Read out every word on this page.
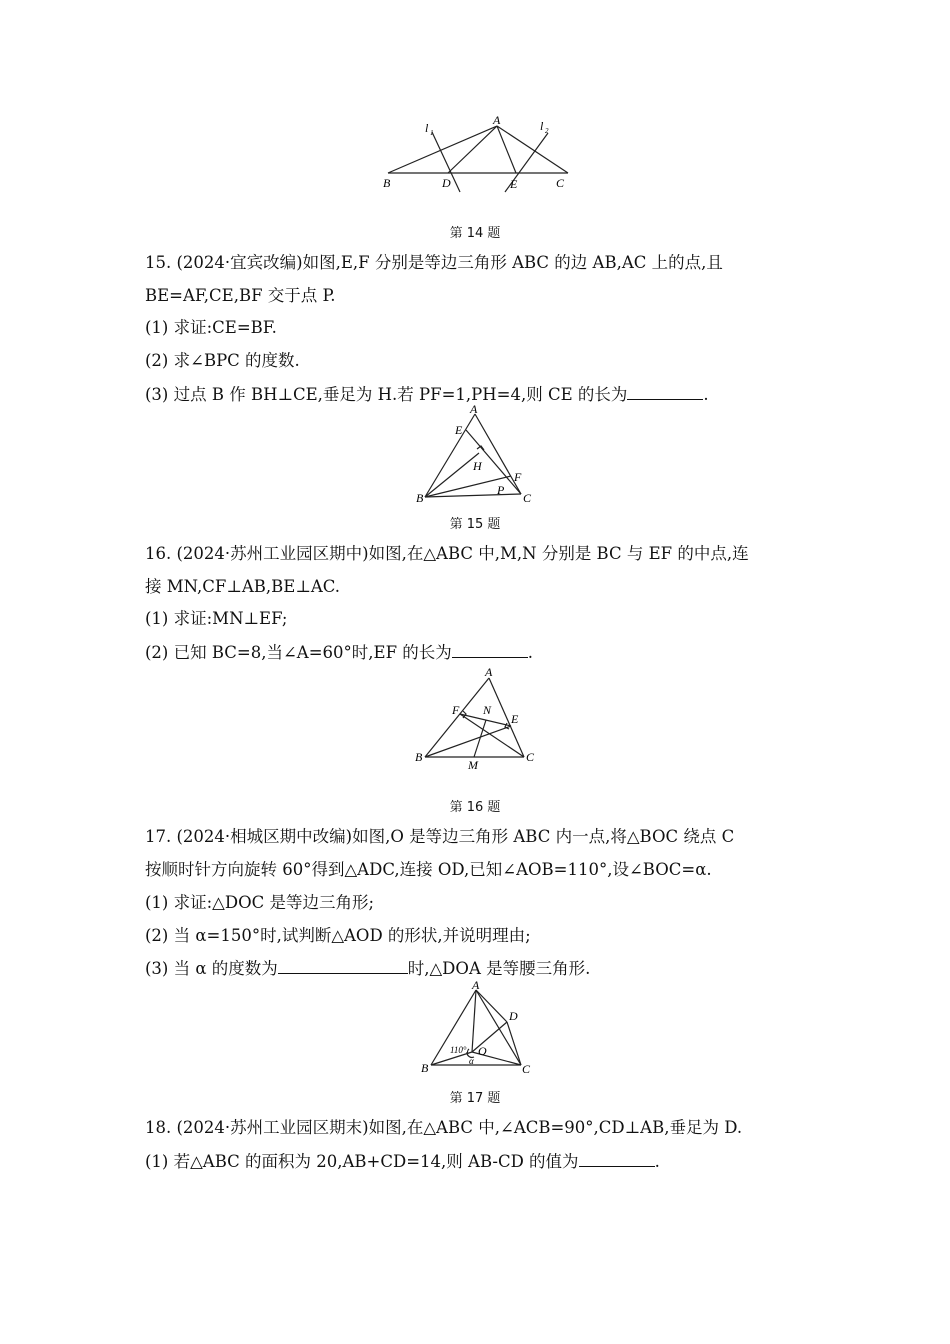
A
B	C
D	E
l 1	l 2
第 14 题
15. (2024·宜宾改编)如图,E,F 分别是等边三角形 ABC 的边 AB,AC 上的点,且
BE=AF,CE,BF 交于点 P.
(1) 求证:CE=BF.
(2) 求∠BPC 的度数.
(3) 过点 B 作 BH⊥CE,垂足为 H.若 PF=1,PH=4,则 CE 的长为	.
A
E
H
F
P
B	C
第 15 题
16. (2024·苏州工业园区期中)如图,在△ABC 中,M,N 分别是 BC 与 EF 的中点,连
接 MN,CF⊥AB,BE⊥AC.
(1) 求证:MN⊥EF;
(2) 已知 BC=8,当∠A=60°时,EF 的长为	.
A
F N
E
B	C
M
第 16 题
17. (2024·相城区期中改编)如图,O 是等边三角形 ABC 内一点,将△BOC 绕点 C
按顺时针方向旋转 60°得到△ADC,连接 OD,已知∠AOB=110°,设∠BOC=α.
(1) 求证:△DOC 是等边三角形;
(2) 当 α=150°时,试判断△AOD 的形状,并说明理由;
(3) 当 α 的度数为	时,△DOA 是等腰三角形.
A
D
O
110°
α
B	C
第 17 题
18. (2024·苏州工业园区期末)如图,在△ABC 中,∠ACB=90°,CD⊥AB,垂足为 D.
(1) 若△ABC 的面积为 20,AB+CD=14,则 AB-CD 的值为	.
